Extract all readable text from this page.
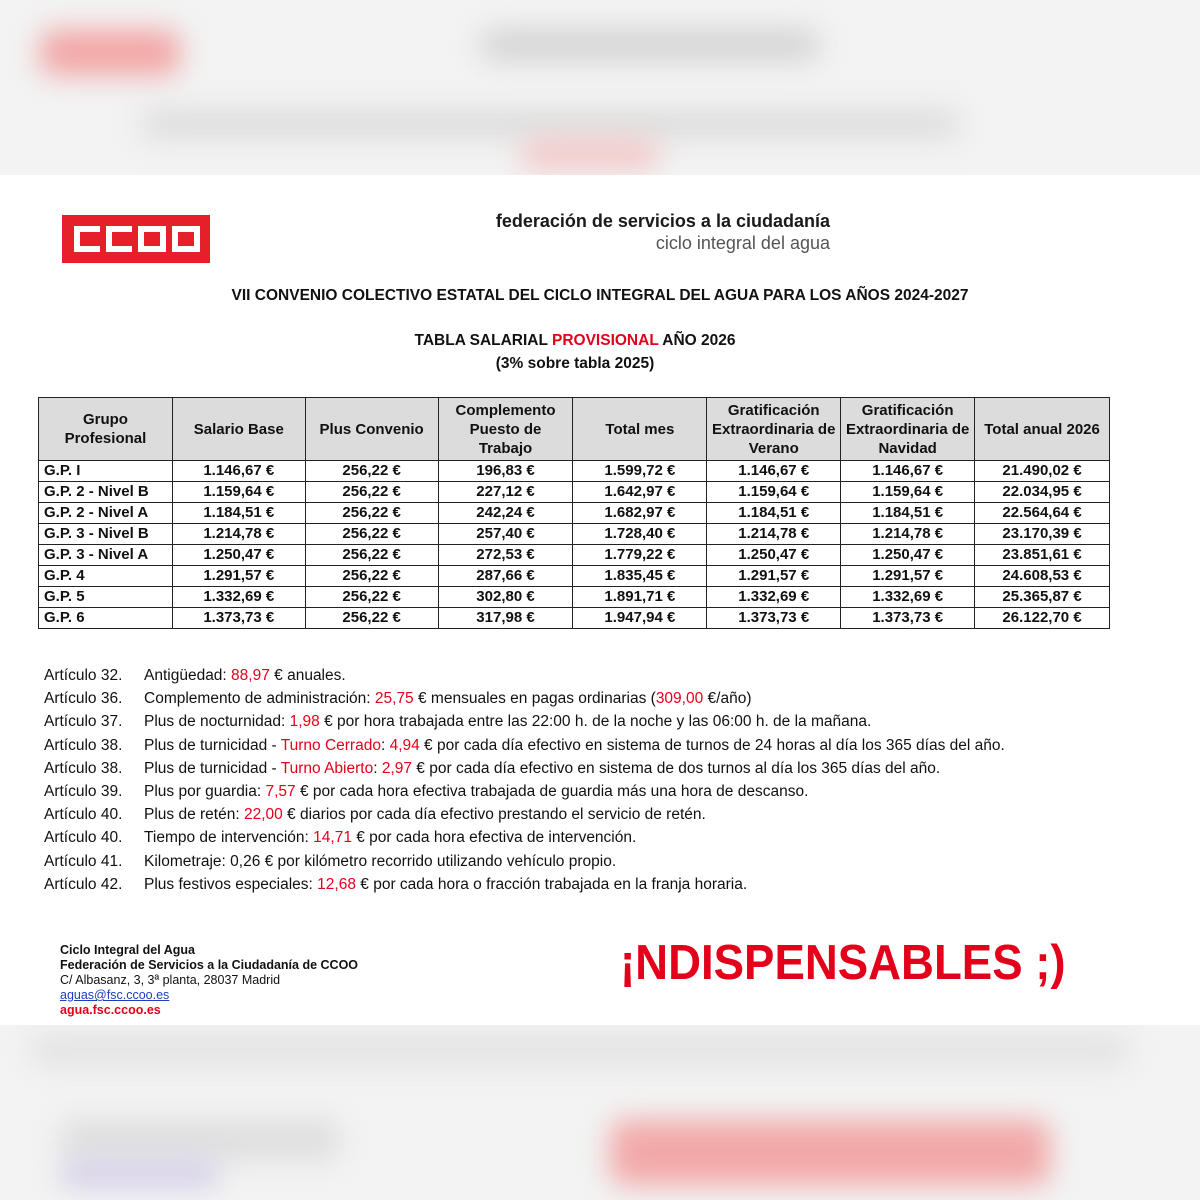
federación de servicios a la ciudadanía
ciclo integral del agua
VII CONVENIO COLECTIVO ESTATAL DEL CICLO INTEGRAL DEL AGUA PARA LOS AÑOS 2024-2027
TABLA SALARIAL PROVISIONAL AÑO 2026
(3% sobre tabla 2025)
Grupo Profesional	Salario Base	Plus Convenio	Complemento Puesto de Trabajo	Total mes	Gratificación Extraordinaria de Verano	Gratificación Extraordinaria de Navidad	Total anual 2026
G.P. I	1.146,67 €	256,22 €	196,83 €	1.599,72 €	1.146,67 €	1.146,67 €	21.490,02 €
G.P. 2 - Nivel B	1.159,64 €	256,22 €	227,12 €	1.642,97 €	1.159,64 €	1.159,64 €	22.034,95 €
G.P. 2 - Nivel A	1.184,51 €	256,22 €	242,24 €	1.682,97 €	1.184,51 €	1.184,51 €	22.564,64 €
G.P. 3 - Nivel B	1.214,78 €	256,22 €	257,40 €	1.728,40 €	1.214,78 €	1.214,78 €	23.170,39 €
G.P. 3 - Nivel A	1.250,47 €	256,22 €	272,53 €	1.779,22 €	1.250,47 €	1.250,47 €	23.851,61 €
G.P. 4	1.291,57 €	256,22 €	287,66 €	1.835,45 €	1.291,57 €	1.291,57 €	24.608,53 €
G.P. 5	1.332,69 €	256,22 €	302,80 €	1.891,71 €	1.332,69 €	1.332,69 €	25.365,87 €
G.P. 6	1.373,73 €	256,22 €	317,98 €	1.947,94 €	1.373,73 €	1.373,73 €	26.122,70 €
Artículo 32. Antigüedad: 88,97 € anuales.
Artículo 36. Complemento de administración: 25,75 € mensuales en pagas ordinarias (309,00 €/año)
Artículo 37. Plus de nocturnidad: 1,98 € por hora trabajada entre las 22:00 h. de la noche y las 06:00 h. de la mañana.
Artículo 38. Plus de turnicidad - Turno Cerrado: 4,94 € por cada día efectivo en sistema de turnos de 24 horas al día los 365 días del año.
Artículo 38. Plus de turnicidad - Turno Abierto: 2,97 € por cada día efectivo en sistema de dos turnos al día los 365 días del año.
Artículo 39. Plus por guardia: 7,57 € por cada hora efectiva trabajada de guardia más una hora de descanso.
Artículo 40. Plus de retén: 22,00 € diarios por cada día efectivo prestando el servicio de retén.
Artículo 40. Tiempo de intervención: 14,71 € por cada hora efectiva de intervención.
Artículo 41. Kilometraje: 0,26 € por kilómetro recorrido utilizando vehículo propio.
Artículo 42. Plus festivos especiales: 12,68 € por cada hora o fracción trabajada en la franja horaria.
Ciclo Integral del Agua
Federación de Servicios a la Ciudadanía de CCOO
C/ Albasanz, 3, 3ª planta, 28037 Madrid
aguas@fsc.ccoo.es
agua.fsc.ccoo.es
¡NDISPENSABLES ;)
